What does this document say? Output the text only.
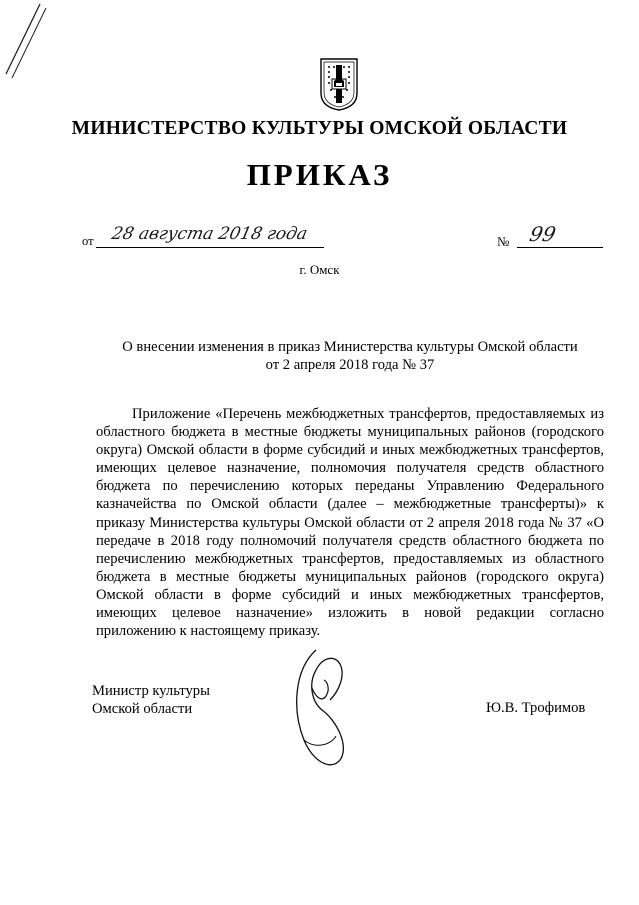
МИНИСТЕРСТВО КУЛЬТУРЫ ОМСКОЙ ОБЛАСТИ
ПРИКАЗ
от 28 августа 2018 года	№ 99
г. Омск
О внесении изменения в приказ Министерства культуры Омской области
от 2 апреля 2018 года № 37
Приложение «Перечень межбюджетных трансфертов, предоставляемых из областного бюджета в местные бюджеты муниципальных районов (городского округа) Омской области в форме субсидий и иных межбюджетных трансфертов, имеющих целевое назначение, полномочия получателя средств областного бюджета по перечислению которых переданы Управлению Федерального казначейства по Омской области (далее – межбюджетные трансферты)» к приказу Министерства культуры Омской области от 2 апреля 2018 года № 37 «О передаче в 2018 году полномочий получателя средств областного бюджета по перечислению межбюджетных трансфертов, предоставляемых из областного бюджета в местные бюджеты муниципальных районов (городского округа) Омской области в форме субсидий и иных межбюджетных трансфертов, имеющих целевое назначение» изложить в новой редакции согласно приложению к настоящему приказу.
Министр культуры
Омской области	Ю.В. Трофимов
